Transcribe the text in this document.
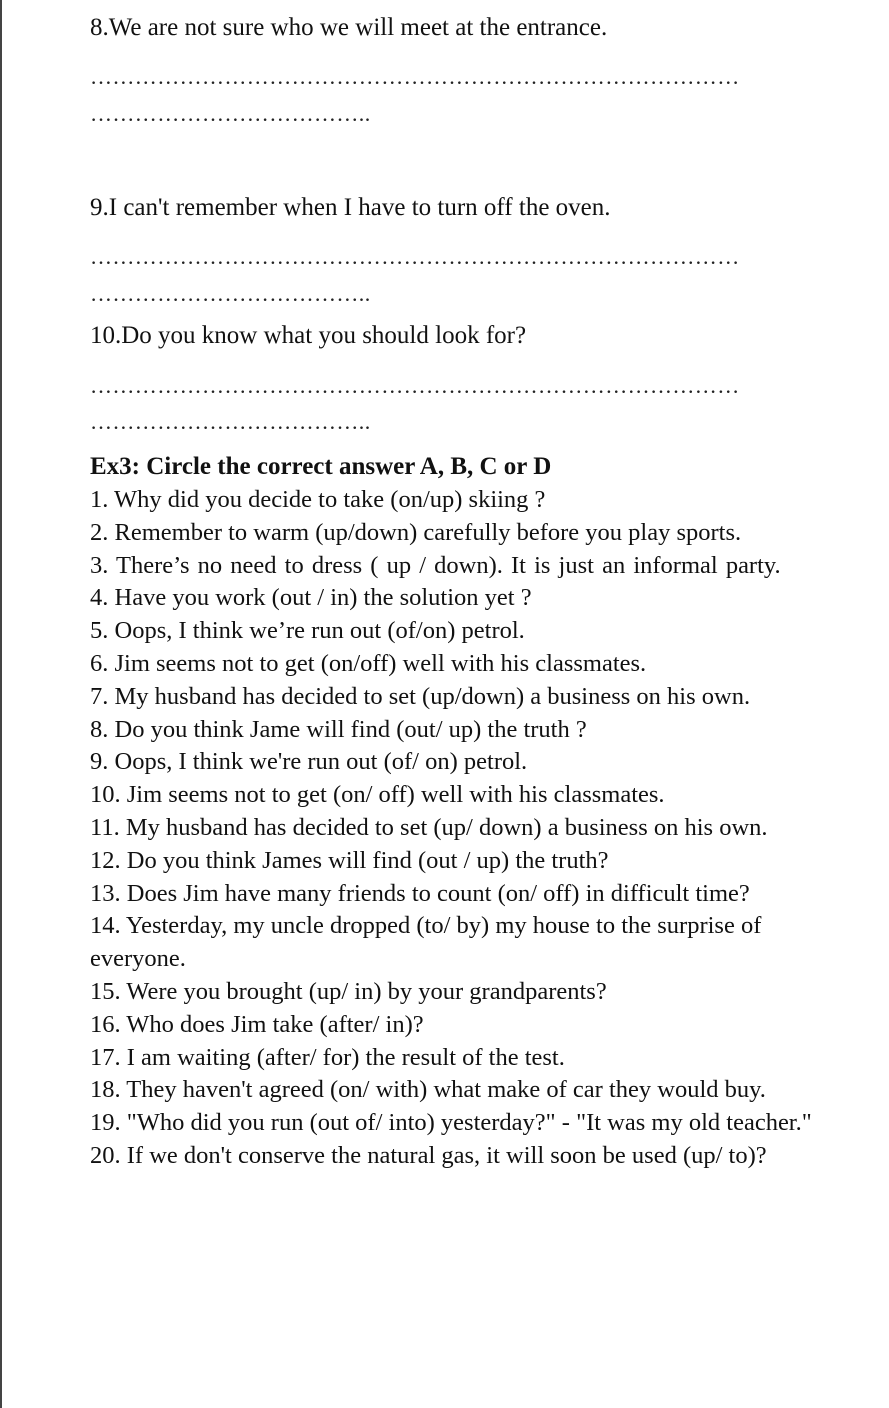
8.We are not sure who we will meet at the entrance.
……………………………………………………………………………
………………………………..
9.I can't remember when I have to turn off the oven.
……………………………………………………………………………
………………………………..
10.Do you know what you should look for?
……………………………………………………………………………
………………………………..
Ex3: Circle the correct answer A, B, C or D
1. Why did you decide to take (on/up) skiing ?
2. Remember to warm (up/down) carefully before you play sports.
3. There’s no need to dress ( up / down). It is just an informal party.
4. Have you work (out / in) the solution yet ?
5. Oops, I think we’re run out (of/on) petrol.
6. Jim seems not to get (on/off) well with his classmates.
7. My husband has decided to set (up/down) a business on his own.
8. Do you think Jame will find (out/ up) the truth ?
9. Oops, I think we're run out (of/ on) petrol.
10. Jim seems not to get (on/ off) well with his classmates.
11. My husband has decided to set (up/ down) a business on his own.
12. Do you think James will find (out / up) the truth?
13. Does Jim have many friends to count (on/ off) in difficult time?
14. Yesterday, my uncle dropped (to/ by) my house to the surprise of everyone.
15. Were you brought (up/ in) by your grandparents?
16. Who does Jim take (after/ in)?
17. I am waiting (after/ for) the result of the test.
18. They haven't agreed (on/ with) what make of car they would buy.
19. "Who did you run (out of/ into) yesterday?" - "It was my old teacher."
20. If we don't conserve the natural gas, it will soon be used (up/ to)?
